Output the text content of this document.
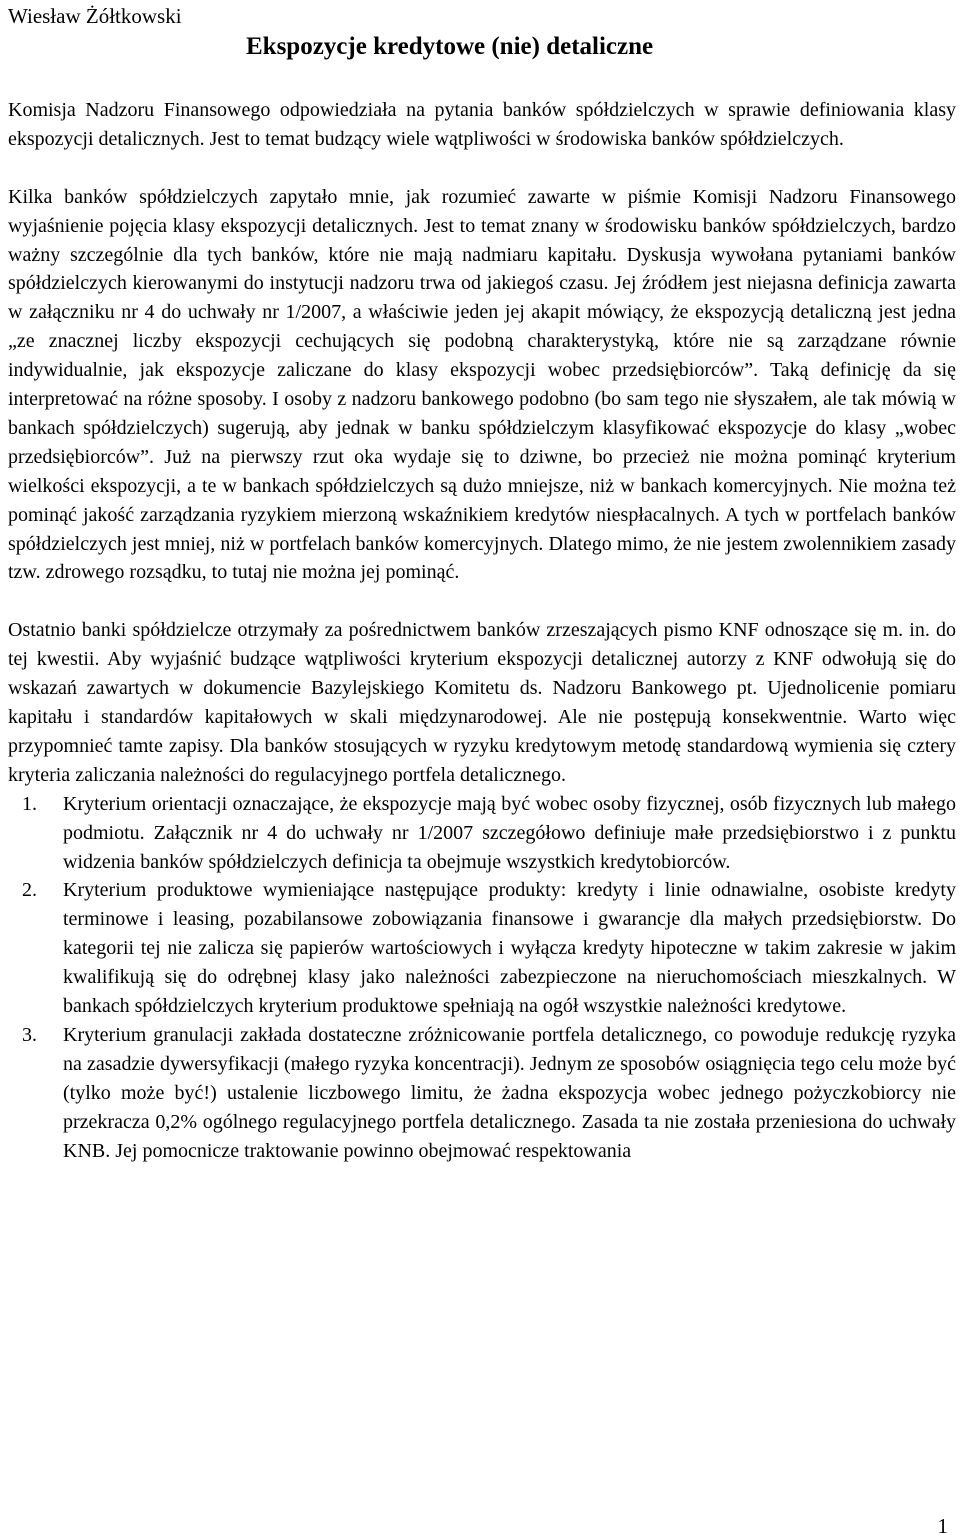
Wiesław Żółtkowski
Ekspozycje kredytowe (nie) detaliczne

Komisja Nadzoru Finansowego odpowiedziała na pytania banków spółdzielczych w sprawie definiowania klasy ekspozycji detalicznych. Jest to temat budzący wiele wątpliwości w środowiska banków spółdzielczych.

Kilka banków spółdzielczych zapytało mnie, jak rozumieć zawarte w piśmie Komisji Nadzoru Finansowego wyjaśnienie pojęcia klasy ekspozycji detalicznych. Jest to temat znany w środowisku banków spółdzielczych, bardzo ważny szczególnie dla tych banków, które nie mają nadmiaru kapitału. Dyskusja wywołana pytaniami banków spółdzielczych kierowanymi do instytucji nadzoru trwa od jakiegoś czasu. Jej źródłem jest niejasna definicja zawarta w załączniku nr 4 do uchwały nr 1/2007, a właściwie jeden jej akapit mówiący, że ekspozycją detaliczną jest jedna „ze znacznej liczby ekspozycji cechujących się podobną charakterystyką, które nie są zarządzane równie indywidualnie, jak ekspozycje zaliczane do klasy ekspozycji wobec przedsiębiorców”. Taką definicję da się interpretować na różne sposoby. I osoby z nadzoru bankowego podobno (bo sam tego nie słyszałem, ale tak mówią w bankach spółdzielczych) sugerują, aby jednak w banku spółdzielczym klasyfikować ekspozycje do klasy „wobec przedsiębiorców”. Już na pierwszy rzut oka wydaje się to dziwne, bo przecież nie można pominąć kryterium wielkości ekspozycji, a te w bankach spółdzielczych są dużo mniejsze, niż w bankach komercyjnych. Nie można też pominąć jakość zarządzania ryzykiem mierzoną wskaźnikiem kredytów niespłacalnych. A tych w portfelach banków spółdzielczych jest mniej, niż w portfelach banków komercyjnych. Dlatego mimo, że nie jestem zwolennikiem zasady tzw. zdrowego rozsądku, to tutaj nie można jej pominąć.

Ostatnio banki spółdzielcze otrzymały za pośrednictwem banków zrzeszających pismo KNF odnoszące się m. in. do tej kwestii. Aby wyjaśnić budzące wątpliwości kryterium ekspozycji detalicznej autorzy z KNF odwołują się do wskazań zawartych w dokumencie Bazylejskiego Komitetu ds. Nadzoru Bankowego pt. Ujednolicenie pomiaru kapitału i standardów kapitałowych w skali międzynarodowej. Ale nie postępują konsekwentnie. Warto więc przypomnieć tamte zapisy. Dla banków stosujących w ryzyku kredytowym metodę standardową wymienia się cztery kryteria zaliczania należności do regulacyjnego portfela detalicznego.

1. Kryterium orientacji oznaczające, że ekspozycje mają być wobec osoby fizycznej, osób fizycznych lub małego podmiotu. Załącznik nr 4 do uchwały nr 1/2007 szczegółowo definiuje małe przedsiębiorstwo i z punktu widzenia banków spółdzielczych definicja ta obejmuje wszystkich kredytobiorców.
2. Kryterium produktowe wymieniające następujące produkty: kredyty i linie odnawialne, osobiste kredyty terminowe i leasing, pozabilansowe zobowiązania finansowe i gwarancje dla małych przedsiębiorstw. Do kategorii tej nie zalicza się papierów wartościowych i wyłącza kredyty hipoteczne w takim zakresie w jakim kwalifikują się do odrębnej klasy jako należności zabezpieczone na nieruchomościach mieszkalnych. W bankach spółdzielczych kryterium produktowe spełniają na ogół wszystkie należności kredytowe.
3. Kryterium granulacji zakłada dostateczne zróżnicowanie portfela detalicznego, co powoduje redukcję ryzyka na zasadzie dywersyfikacji (małego ryzyka koncentracji). Jednym ze sposobów osiągnięcia tego celu może być (tylko może być!) ustalenie liczbowego limitu, że żadna ekspozycja wobec jednego pożyczkobiorcy nie przekracza 0,2% ogólnego regulacyjnego portfela detalicznego. Zasada ta nie została przeniesiona do uchwały KNB. Jej pomocnicze traktowanie powinno obejmować respektowania
1
